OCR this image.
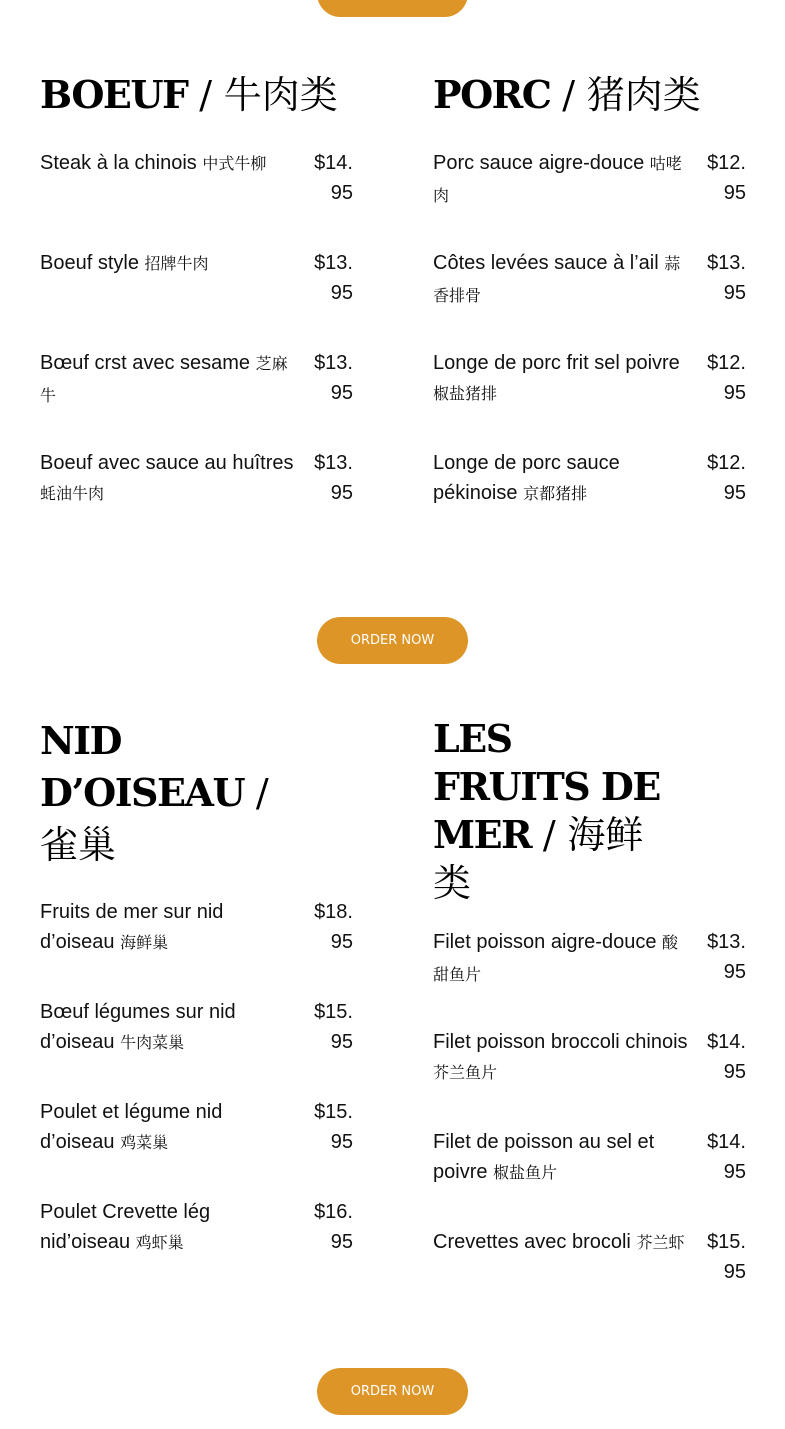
BOEUF / 牛肉类
Steak à la chinois 中式牛柳	$14.95
Boeuf style 招牌牛肉	$13.95
Bœuf crst avec sesame 芝麻牛
$13.95
Boeuf avec sauce au huîtres 蚝油牛肉
$13.95
PORC / 猪肉类
Porc sauce aigre-douce 咕咾肉
$12.95
Côtes levées sauce à l’ail 蒜香排骨
$13.95
Longe de porc frit sel poivre 椒盐猪排
$12.95
Longe de porc sauce pékinoise 京都猪排
$12.95
ORDER NOW
NID D’OISEAU / 雀巢
Fruits de mer sur nid d’oiseau 海鲜巢
$18.95
Bœuf légumes sur nid d’oiseau 牛肉菜巢
$15.95
Poulet et légume nid d’oiseau 鸡菜巢
$15.95
Poulet Crevette lég nid’oiseau 鸡虾巢
$16.95
LES FRUITS DE MER / 海鲜类
Filet poisson aigre-douce 酸甜鱼片
$13.95
Filet poisson broccoli chinois 芥兰鱼片
$14.95
Filet de poisson au sel et poivre 椒盐鱼片
$14.95
Crevettes avec brocoli 芥兰虾 $15.95
ORDER NOW
